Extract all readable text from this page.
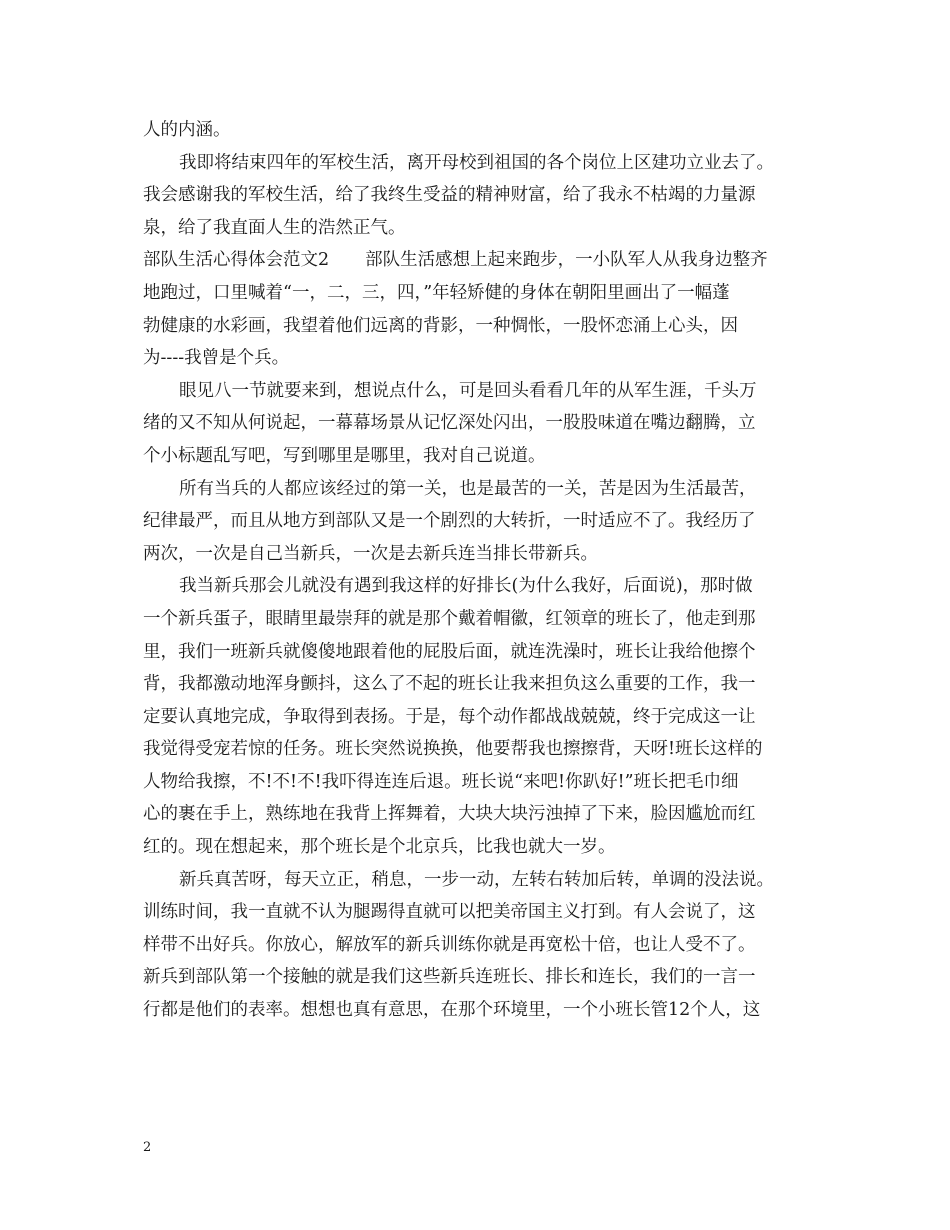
人的内涵。
我即将结束四年的军校生活，离开母校到祖国的各个岗位上区建功立业去了。
我会感谢我的军校生活，给了我终生受益的精神财富，给了我永不枯竭的力量源
泉，给了我直面人生的浩然正气。
部队生活心得体会范文2 部队生活感想上起来跑步，一小队军人从我身边整齐
地跑过，口里喊着“一，二，三，四，”年轻矫健的身体在朝阳里画出了一幅蓬
勃健康的水彩画，我望着他们远离的背影，一种惆怅，一股怀恋涌上心头，因
为----我曾是个兵。
眼见八一节就要来到，想说点什么，可是回头看看几年的从军生涯，千头万
绪的又不知从何说起，一幕幕场景从记忆深处闪出，一股股味道在嘴边翻腾，立
个小标题乱写吧，写到哪里是哪里，我对自己说道。
所有当兵的人都应该经过的第一关，也是最苦的一关，苦是因为生活最苦，
纪律最严，而且从地方到部队又是一个剧烈的大转折，一时适应不了。我经历了
两次，一次是自己当新兵，一次是去新兵连当排长带新兵。
我当新兵那会儿就没有遇到我这样的好排长(为什么我好，后面说)，那时做
一个新兵蛋子，眼睛里最崇拜的就是那个戴着帽徽，红领章的班长了，他走到那
里，我们一班新兵就傻傻地跟着他的屁股后面，就连洗澡时，班长让我给他擦个
背，我都激动地浑身颤抖，这么了不起的班长让我来担负这么重要的工作，我一
定要认真地完成，争取得到表扬。于是，每个动作都战战兢兢，终于完成这一让
我觉得受宠若惊的任务。班长突然说换换，他要帮我也擦擦背，天呀!班长这样的
人物给我擦，不!不!不!我吓得连连后退。班长说“来吧!你趴好!”班长把毛巾细
心的裹在手上，熟练地在我背上挥舞着，大块大块污浊掉了下来，脸因尴尬而红
红的。现在想起来，那个班长是个北京兵，比我也就大一岁。
新兵真苦呀，每天立正，稍息，一步一动，左转右转加后转，单调的没法说。
训练时间，我一直就不认为腿踢得直就可以把美帝国主义打到。有人会说了，这
样带不出好兵。你放心，解放军的新兵训练你就是再宽松十倍，也让人受不了。
新兵到部队第一个接触的就是我们这些新兵连班长、排长和连长，我们的一言一
行都是他们的表率。想想也真有意思，在那个环境里，一个小班长管12个人，这
2
